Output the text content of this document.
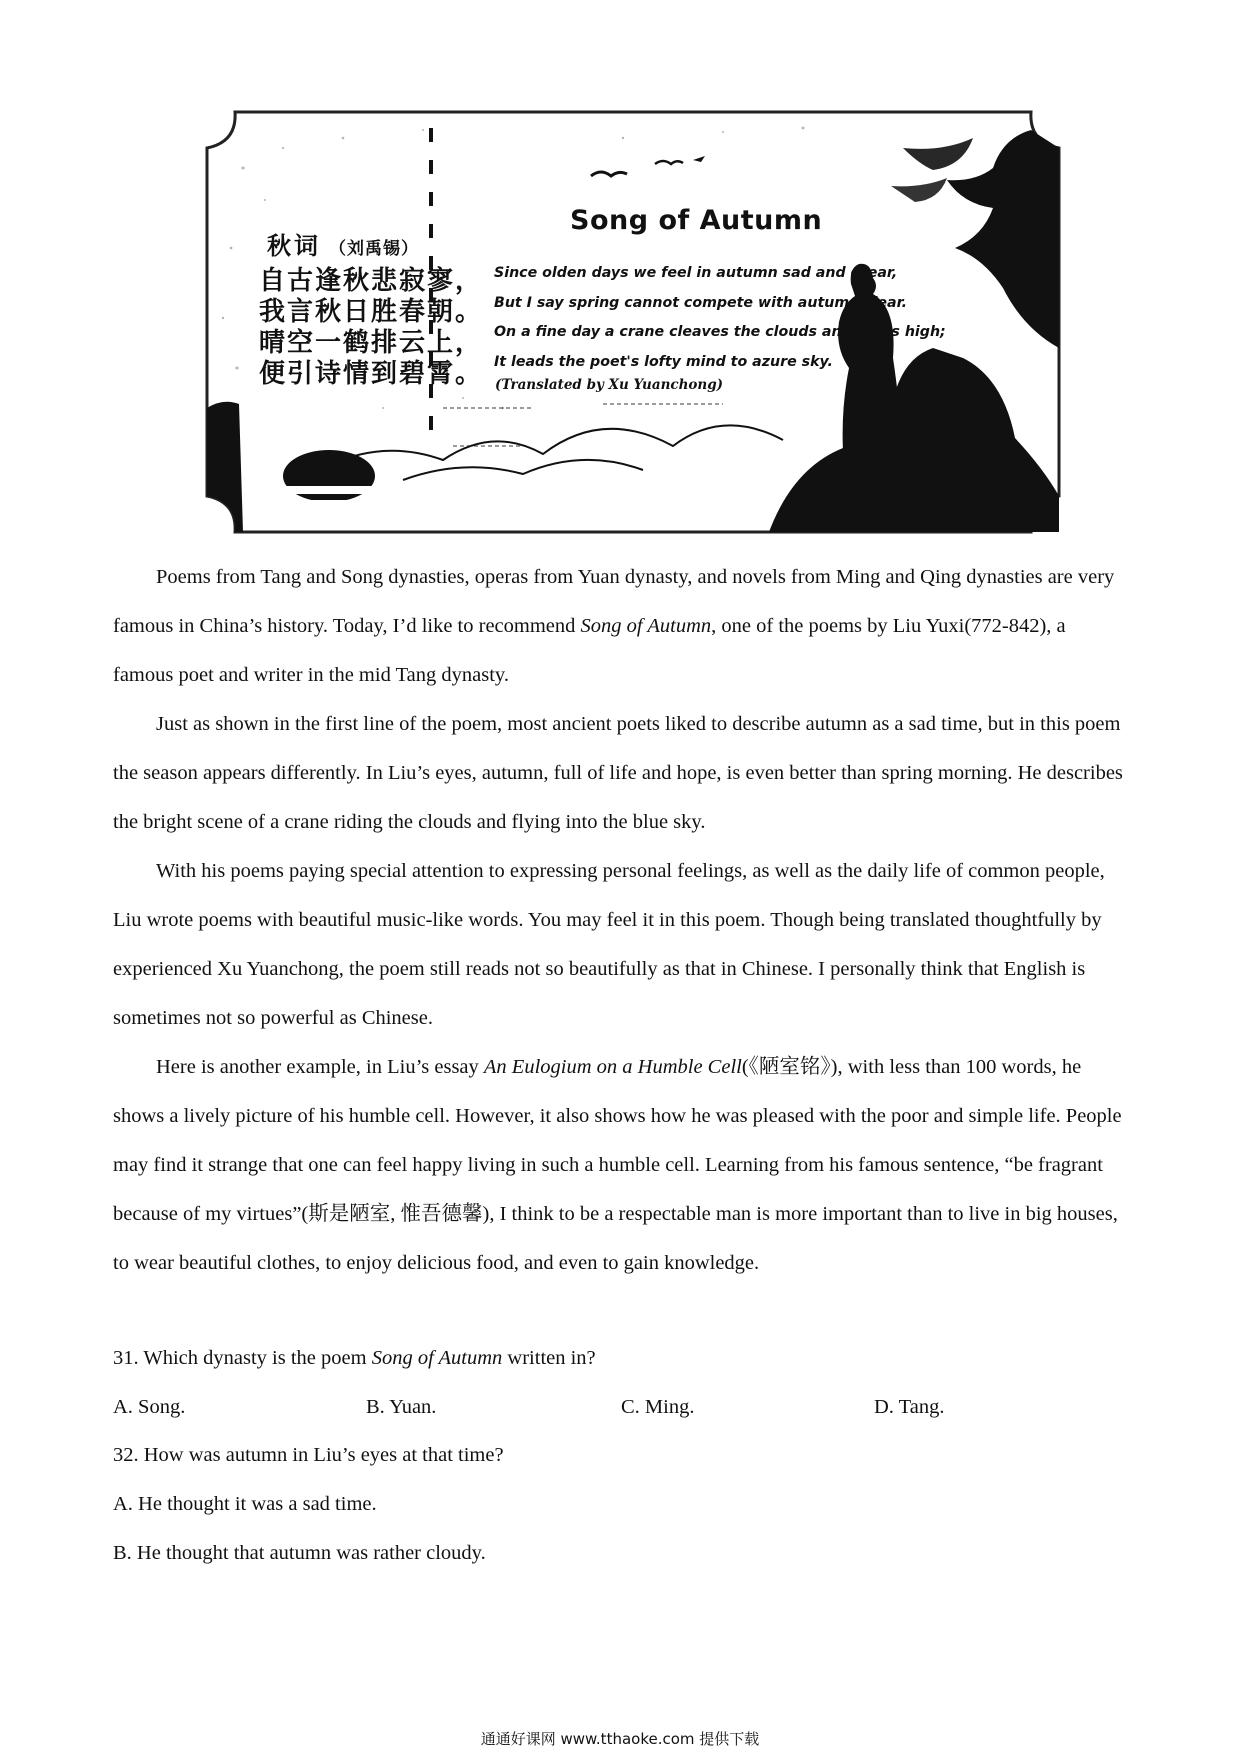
秋词 （刘禹锡）
自古逢秋悲寂寥，
我言秋日胜春朝。
晴空一鹤排云上，
便引诗情到碧霄。
Song of Autumn
Since olden days we feel in autumn sad and drear,
But I say spring cannot compete with autumn clear.
On a fine day a crane cleaves the clouds and soars high;
It leads the poet's lofty mind to azure sky.
(Translated by Xu Yuanchong)

Poems from Tang and Song dynasties, operas from Yuan dynasty, and novels from Ming and Qing dynasties are very famous in China’s history. Today, I’d like to recommend Song of Autumn, one of the poems by Liu Yuxi(772-842), a famous poet and writer in the mid Tang dynasty.

Just as shown in the first line of the poem, most ancient poets liked to describe autumn as a sad time, but in this poem the season appears differently. In Liu’s eyes, autumn, full of life and hope, is even better than spring morning. He describes the bright scene of a crane riding the clouds and flying into the blue sky.

With his poems paying special attention to expressing personal feelings, as well as the daily life of common people, Liu wrote poems with beautiful music-like words. You may feel it in this poem. Though being translated thoughtfully by experienced Xu Yuanchong, the poem still reads not so beautifully as that in Chinese. I personally think that English is sometimes not so powerful as Chinese.

Here is another example, in Liu’s essay An Eulogium on a Humble Cell(《陋室铭》), with less than 100 words, he shows a lively picture of his humble cell. However, it also shows how he was pleased with the poor and simple life. People may find it strange that one can feel happy living in such a humble cell. Learning from his famous sentence, “be fragrant because of my virtues”(斯是陋室, 惟吾德馨), I think to be a respectable man is more important than to live in big houses, to wear beautiful clothes, to enjoy delicious food, and even to gain knowledge.

31. Which dynasty is the poem Song of Autumn written in?
A. Song.	B. Yuan.	C. Ming.	D. Tang.
32. How was autumn in Liu’s eyes at that time?
A. He thought it was a sad time.
B. He thought that autumn was rather cloudy.
通通好课网 www.tthaoke.com 提供下载
